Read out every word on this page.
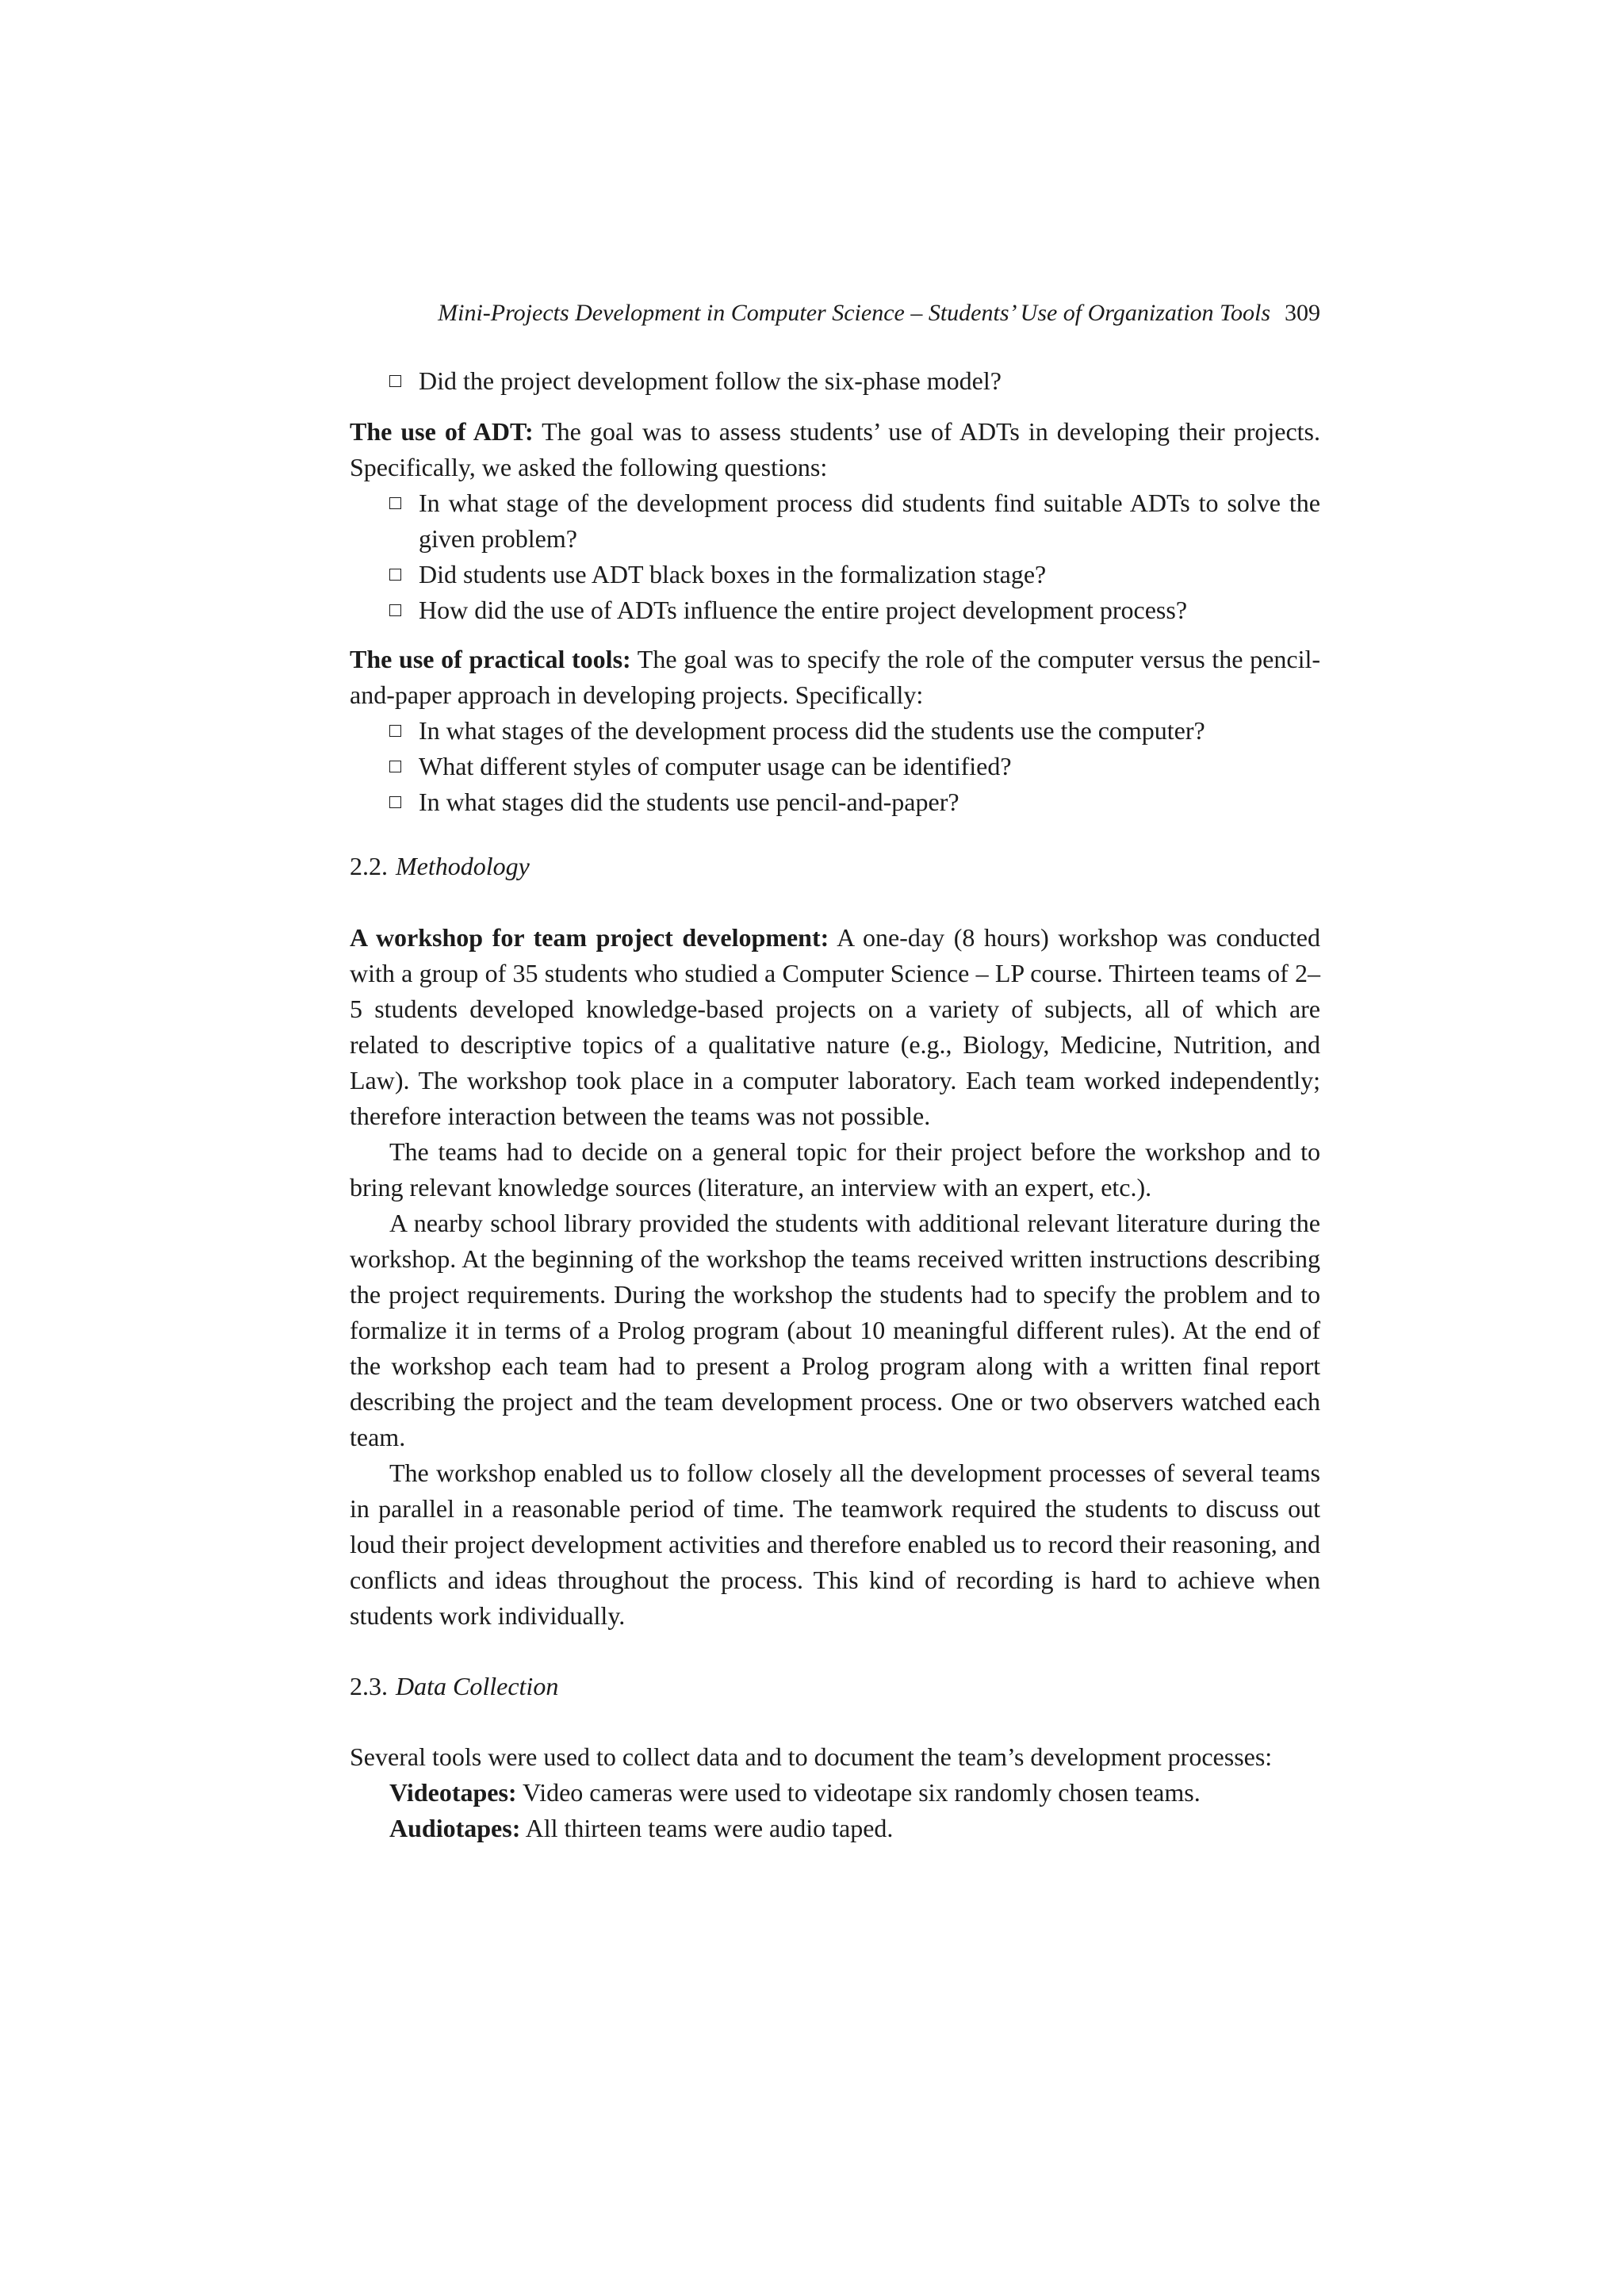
Mini-Projects Development in Computer Science – Students’ Use of Organization Tools 309
Did the project development follow the six-phase model?
The use of ADT: The goal was to assess students’ use of ADTs in developing their projects. Specifically, we asked the following questions:
In what stage of the development process did students find suitable ADTs to solve the given problem?
Did students use ADT black boxes in the formalization stage?
How did the use of ADTs influence the entire project development process?
The use of practical tools: The goal was to specify the role of the computer versus the pencil-and-paper approach in developing projects. Specifically:
In what stages of the development process did the students use the computer?
What different styles of computer usage can be identified?
In what stages did the students use pencil-and-paper?
2.2. Methodology
A workshop for team project development: A one-day (8 hours) workshop was conducted with a group of 35 students who studied a Computer Science – LP course. Thirteen teams of 2–5 students developed knowledge-based projects on a variety of subjects, all of which are related to descriptive topics of a qualitative nature (e.g., Biology, Medicine, Nutrition, and Law). The workshop took place in a computer laboratory. Each team worked independently; therefore interaction between the teams was not possible.
The teams had to decide on a general topic for their project before the workshop and to bring relevant knowledge sources (literature, an interview with an expert, etc.).
A nearby school library provided the students with additional relevant literature during the workshop. At the beginning of the workshop the teams received written instructions describing the project requirements. During the workshop the students had to specify the problem and to formalize it in terms of a Prolog program (about 10 meaningful different rules). At the end of the workshop each team had to present a Prolog program along with a written final report describing the project and the team development process. One or two observers watched each team.
The workshop enabled us to follow closely all the development processes of several teams in parallel in a reasonable period of time. The teamwork required the students to discuss out loud their project development activities and therefore enabled us to record their reasoning, and conflicts and ideas throughout the process. This kind of recording is hard to achieve when students work individually.
2.3. Data Collection
Several tools were used to collect data and to document the team’s development processes:
Videotapes: Video cameras were used to videotape six randomly chosen teams.
Audiotapes: All thirteen teams were audio taped.
